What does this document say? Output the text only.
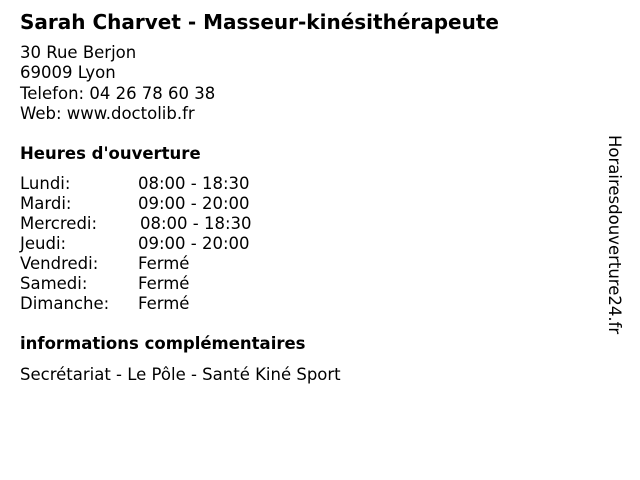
Sarah Charvet - Masseur-kinésithérapeute
30 Rue Berjon
69009 Lyon
Telefon: 04 26 78 60 38
Web: www.doctolib.fr
Heures d'ouverture
Lundi:	08:00 - 18:30
Mardi:	09:00 - 20:00
Mercredi:	08:00 - 18:30
Jeudi:	09:00 - 20:00
Vendredi: Fermé
Samedi:	Fermé
Dimanche: Fermé
informations complémentaires
Secrétariat - Le Pôle - Santé Kiné Sport
Horairesdouverture24.fr
